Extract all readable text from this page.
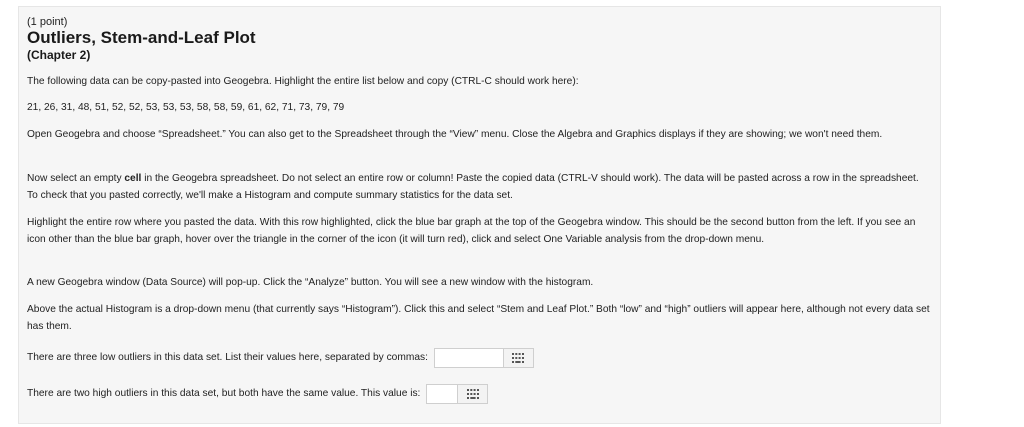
(1 point)
Outliers, Stem-and-Leaf Plot
(Chapter 2)

The following data can be copy-pasted into Geogebra. Highlight the entire list below and copy (CTRL-C should work here):

21, 26, 31, 48, 51, 52, 52, 53, 53, 53, 58, 58, 59, 61, 62, 71, 73, 79, 79

Open Geogebra and choose “Spreadsheet.” You can also get to the Spreadsheet through the “View” menu. Close the Algebra and Graphics displays if they are showing; we won't need them.

Now select an empty cell in the Geogebra spreadsheet. Do not select an entire row or column! Paste the copied data (CTRL-V should work). The data will be pasted across a row in the spreadsheet. To check that you pasted correctly, we'll make a Histogram and compute summary statistics for the data set.

Highlight the entire row where you pasted the data. With this row highlighted, click the blue bar graph at the top of the Geogebra window. This should be the second button from the left. If you see an icon other than the blue bar graph, hover over the triangle in the corner of the icon (it will turn red), click and select One Variable analysis from the drop-down menu.

A new Geogebra window (Data Source) will pop-up. Click the “Analyze” button. You will see a new window with the histogram.

Above the actual Histogram is a drop-down menu (that currently says “Histogram”). Click this and select “Stem and Leaf Plot.” Both “low” and “high” outliers will appear here, although not every data set has them.

There are three low outliers in this data set. List their values here, separated by commas:
There are two high outliers in this data set, but both have the same value. This value is:
